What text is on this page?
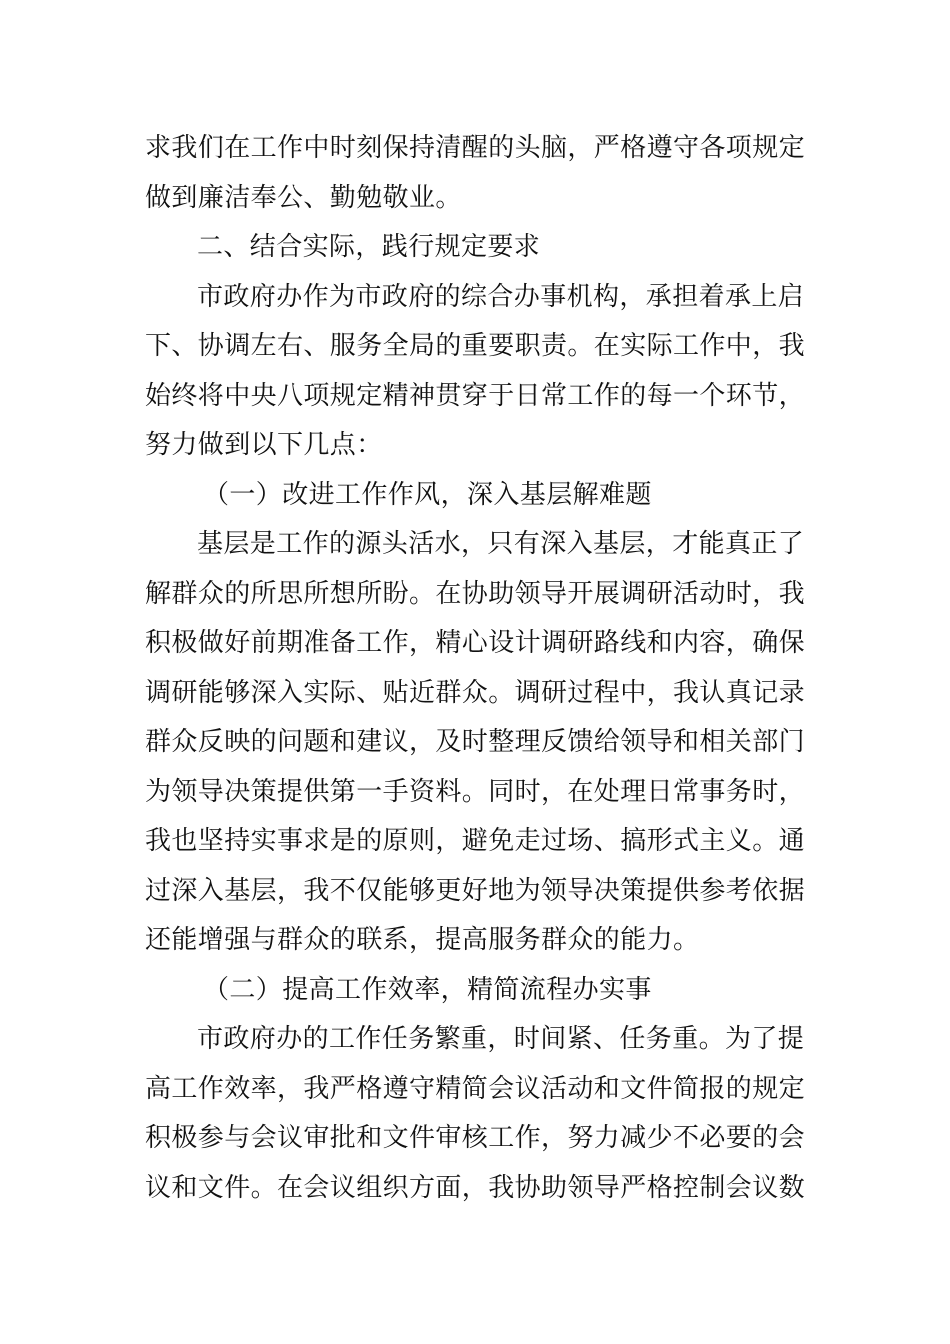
求我们在工作中时刻保持清醒的头脑，严格遵守各项规定
做到廉洁奉公、勤勉敬业。
二、结合实际，践行规定要求
市政府办作为市政府的综合办事机构，承担着承上启
下、协调左右、服务全局的重要职责。在实际工作中，我
始终将中央八项规定精神贯穿于日常工作的每一个环节，
努力做到以下几点：
（一）改进工作作风，深入基层解难题
基层是工作的源头活水，只有深入基层，才能真正了
解群众的所思所想所盼。在协助领导开展调研活动时，我
积极做好前期准备工作，精心设计调研路线和内容，确保
调研能够深入实际、贴近群众。调研过程中，我认真记录
群众反映的问题和建议，及时整理反馈给领导和相关部门
为领导决策提供第一手资料。同时，在处理日常事务时，
我也坚持实事求是的原则，避免走过场、搞形式主义。通
过深入基层，我不仅能够更好地为领导决策提供参考依据
还能增强与群众的联系，提高服务群众的能力。
（二）提高工作效率，精简流程办实事
市政府办的工作任务繁重，时间紧、任务重。为了提
高工作效率，我严格遵守精简会议活动和文件简报的规定
积极参与会议审批和文件审核工作，努力减少不必要的会
议和文件。在会议组织方面，我协助领导严格控制会议数
